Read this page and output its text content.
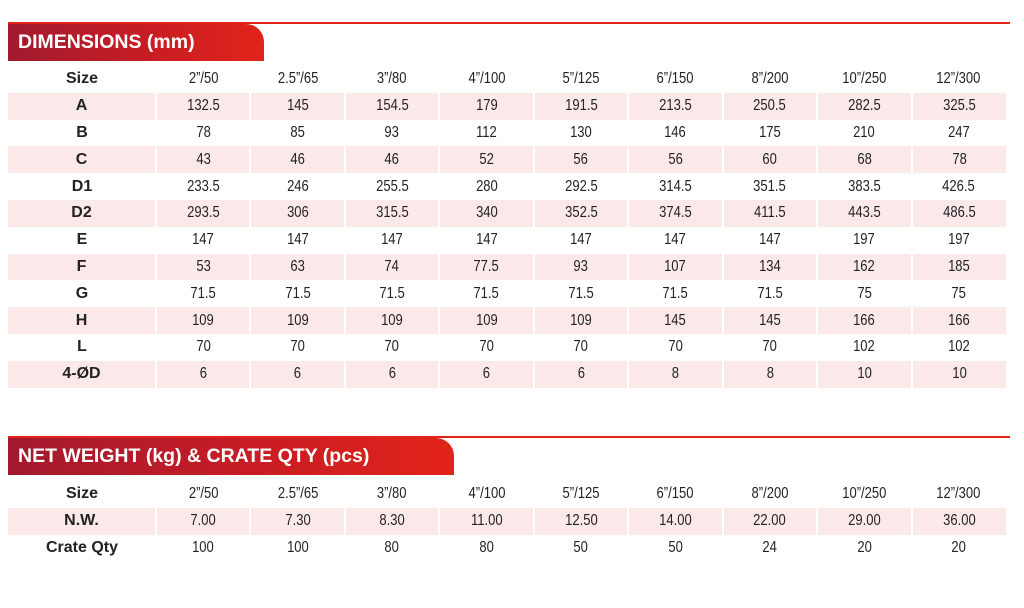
DIMENSIONS (mm)
Size	2”/50	2.5”/65	3”/80	4”/100	5”/125	6”/150	8”/200	10”/250	12”/300
A	132.5	145	154.5	179	191.5	213.5	250.5	282.5	325.5
B	78	85	93	112	130	146	175	210	247
C	43	46	46	52	56	56	60	68	78
D1	233.5	246	255.5	280	292.5	314.5	351.5	383.5	426.5
D2	293.5	306	315.5	340	352.5	374.5	411.5	443.5	486.5
E	147	147	147	147	147	147	147	197	197
F	53	63	74	77.5	93	107	134	162	185
G	71.5	71.5	71.5	71.5	71.5	71.5	71.5	75	75
H	109	109	109	109	109	145	145	166	166
L	70	70	70	70	70	70	70	102	102
4-ØD	6	6	6	6	6	8	8	10	10
NET WEIGHT (kg) & CRATE QTY (pcs)
Size	2”/50	2.5”/65	3”/80	4”/100	5”/125	6”/150	8”/200	10”/250	12”/300
N.W.	7.00	7.30	8.30	11.00	12.50	14.00	22.00	29.00	36.00
Crate Qty	100	100	80	80	50	50	24	20	20
